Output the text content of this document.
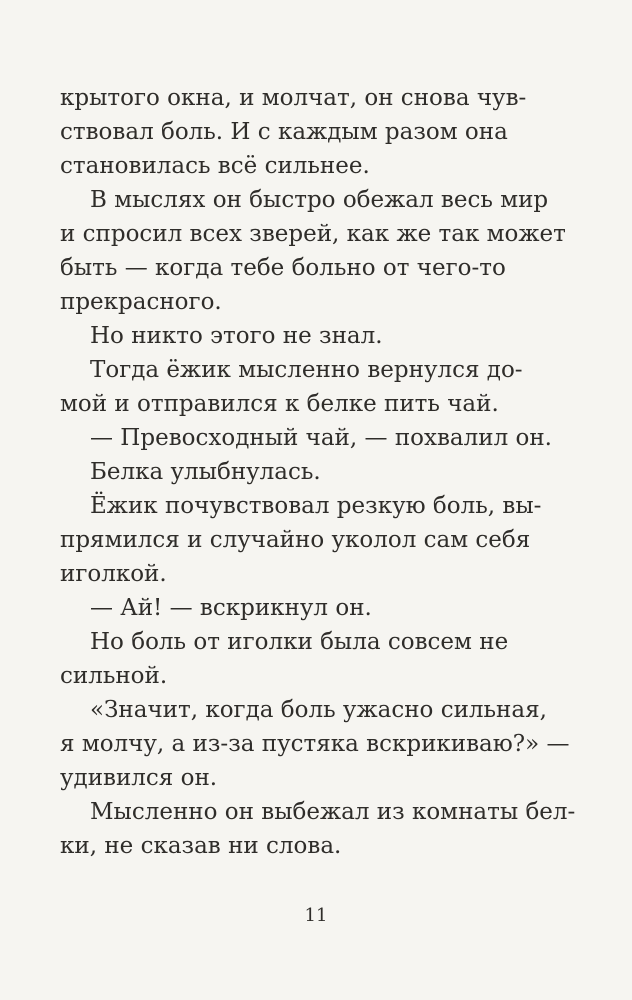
крытого окна, и молчат, он снова чув-
ствовал боль. И с каждым разом она
становилась всё сильнее.
В мыслях он быстро обежал весь мир
и спросил всех зверей, как же так может
быть — когда тебе больно от чего-то
прекрасного.
Но никто этого не знал.
Тогда ёжик мысленно вернулся до-
мой и отправился к белке пить чай.
— Превосходный чай, — похвалил он.
Белка улыбнулась.
Ёжик почувствовал резкую боль, вы-
прямился и случайно уколол сам себя
иголкой.
— Ай! — вскрикнул он.
Но боль от иголки была совсем не
сильной.
«Значит, когда боль ужасно сильная,
я молчу, а из-за пустяка вскрикиваю?» —
удивился он.
Мысленно он выбежал из комнаты бел-
ки, не сказав ни слова.
11
